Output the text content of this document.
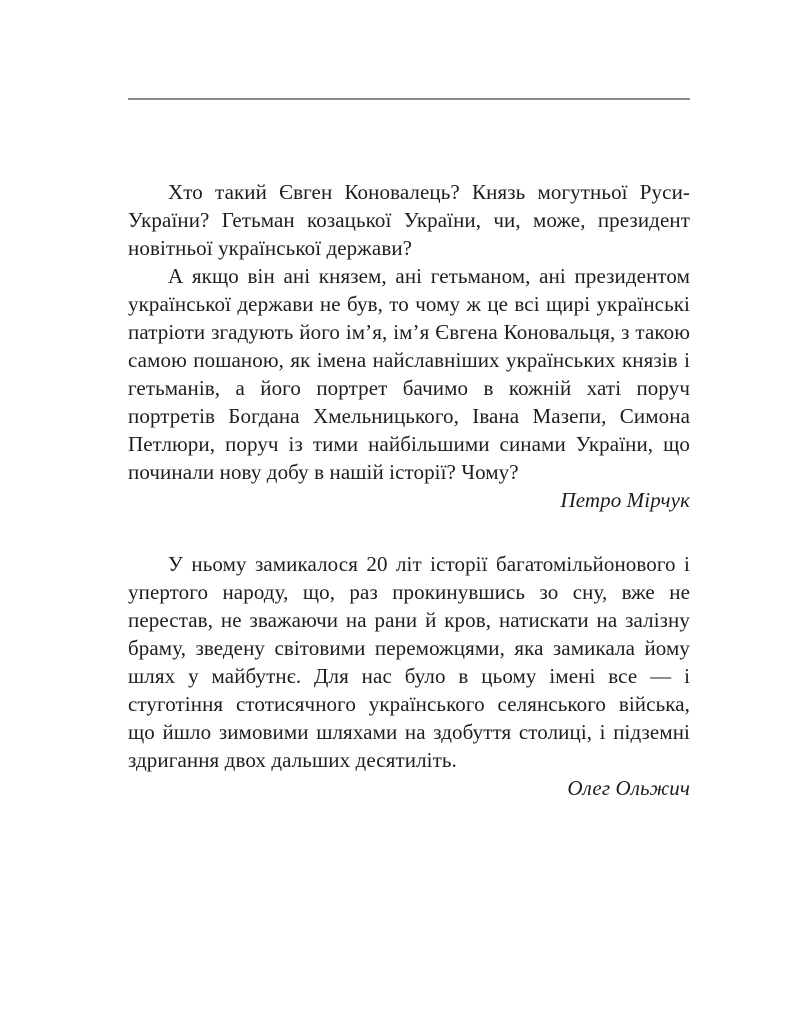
Хто такий Євген Коновалець? Князь могутньої Руси-України? Гетьман козацької України, чи, може, президент новітньої української держави?

А якщо він ані князем, ані гетьманом, ані президентом української держави не був, то чому ж це всі щирі українські патріоти згадують його ім’я, ім’я Євгена Коновальця, з такою самою пошаною, як імена найславніших українських князів і гетьманів, а його портрет бачимо в кожній хаті поруч портретів Богдана Хмельницького, Івана Мазепи, Симона Петлюри, поруч із тими найбільшими синами України, що починали нову добу в нашій історії? Чому?

Петро Мірчук

У ньому замикалося 20 літ історії багатомільйонового і упертого народу, що, раз прокинувшись зо сну, вже не перестав, не зважаючи на рани й кров, натискати на залізну браму, зведену світовими переможцями, яка замикала йому шлях у майбутнє. Для нас було в цьому імені все — і стуготіння стотисячного українського селянського війська, що йшло зимовими шляхами на здобуття столиці, і підземні здригання двох дальших десятиліть.

Олег Ольжич
